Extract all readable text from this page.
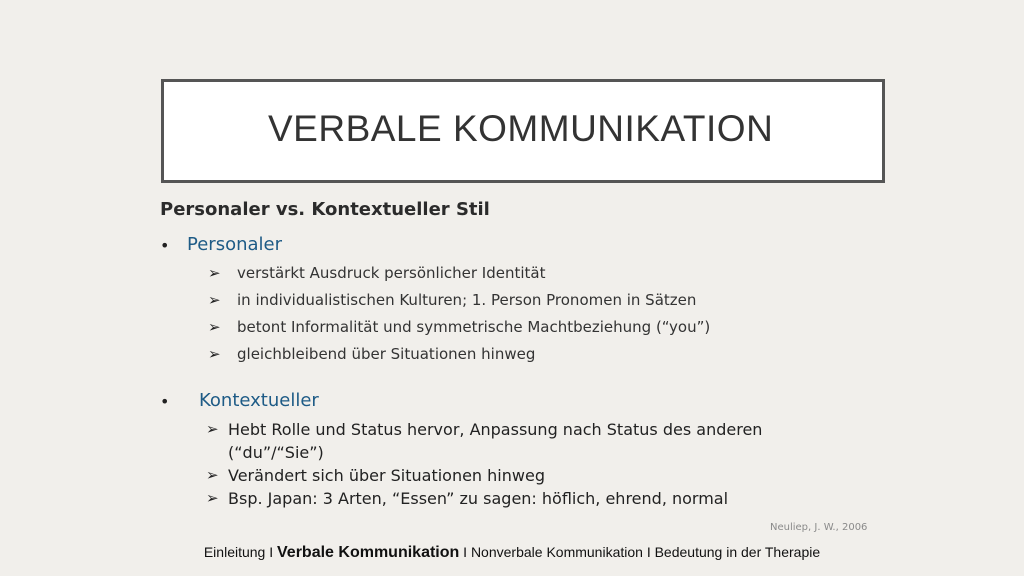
VERBALE KOMMUNIKATION
Personaler vs. Kontextueller Stil
• Personaler
➢ verstärkt Ausdruck persönlicher Identität
➢ in individualistischen Kulturen; 1. Person Pronomen in Sätzen
➢ betont Informalität und symmetrische Machtbeziehung (“you”)
➢ gleichbleibend über Situationen hinweg
• Kontextueller
➢ Hebt Rolle und Status hervor, Anpassung nach Status des anderen
(“du”/“Sie”)
➢ Verändert sich über Situationen hinweg
➢ Bsp. Japan: 3 Arten, “Essen” zu sagen: höflich, ehrend, normal
Neuliep, J. W., 2006
Einleitung I Verbale Kommunikation I Nonverbale Kommunikation I Bedeutung in der Therapie
